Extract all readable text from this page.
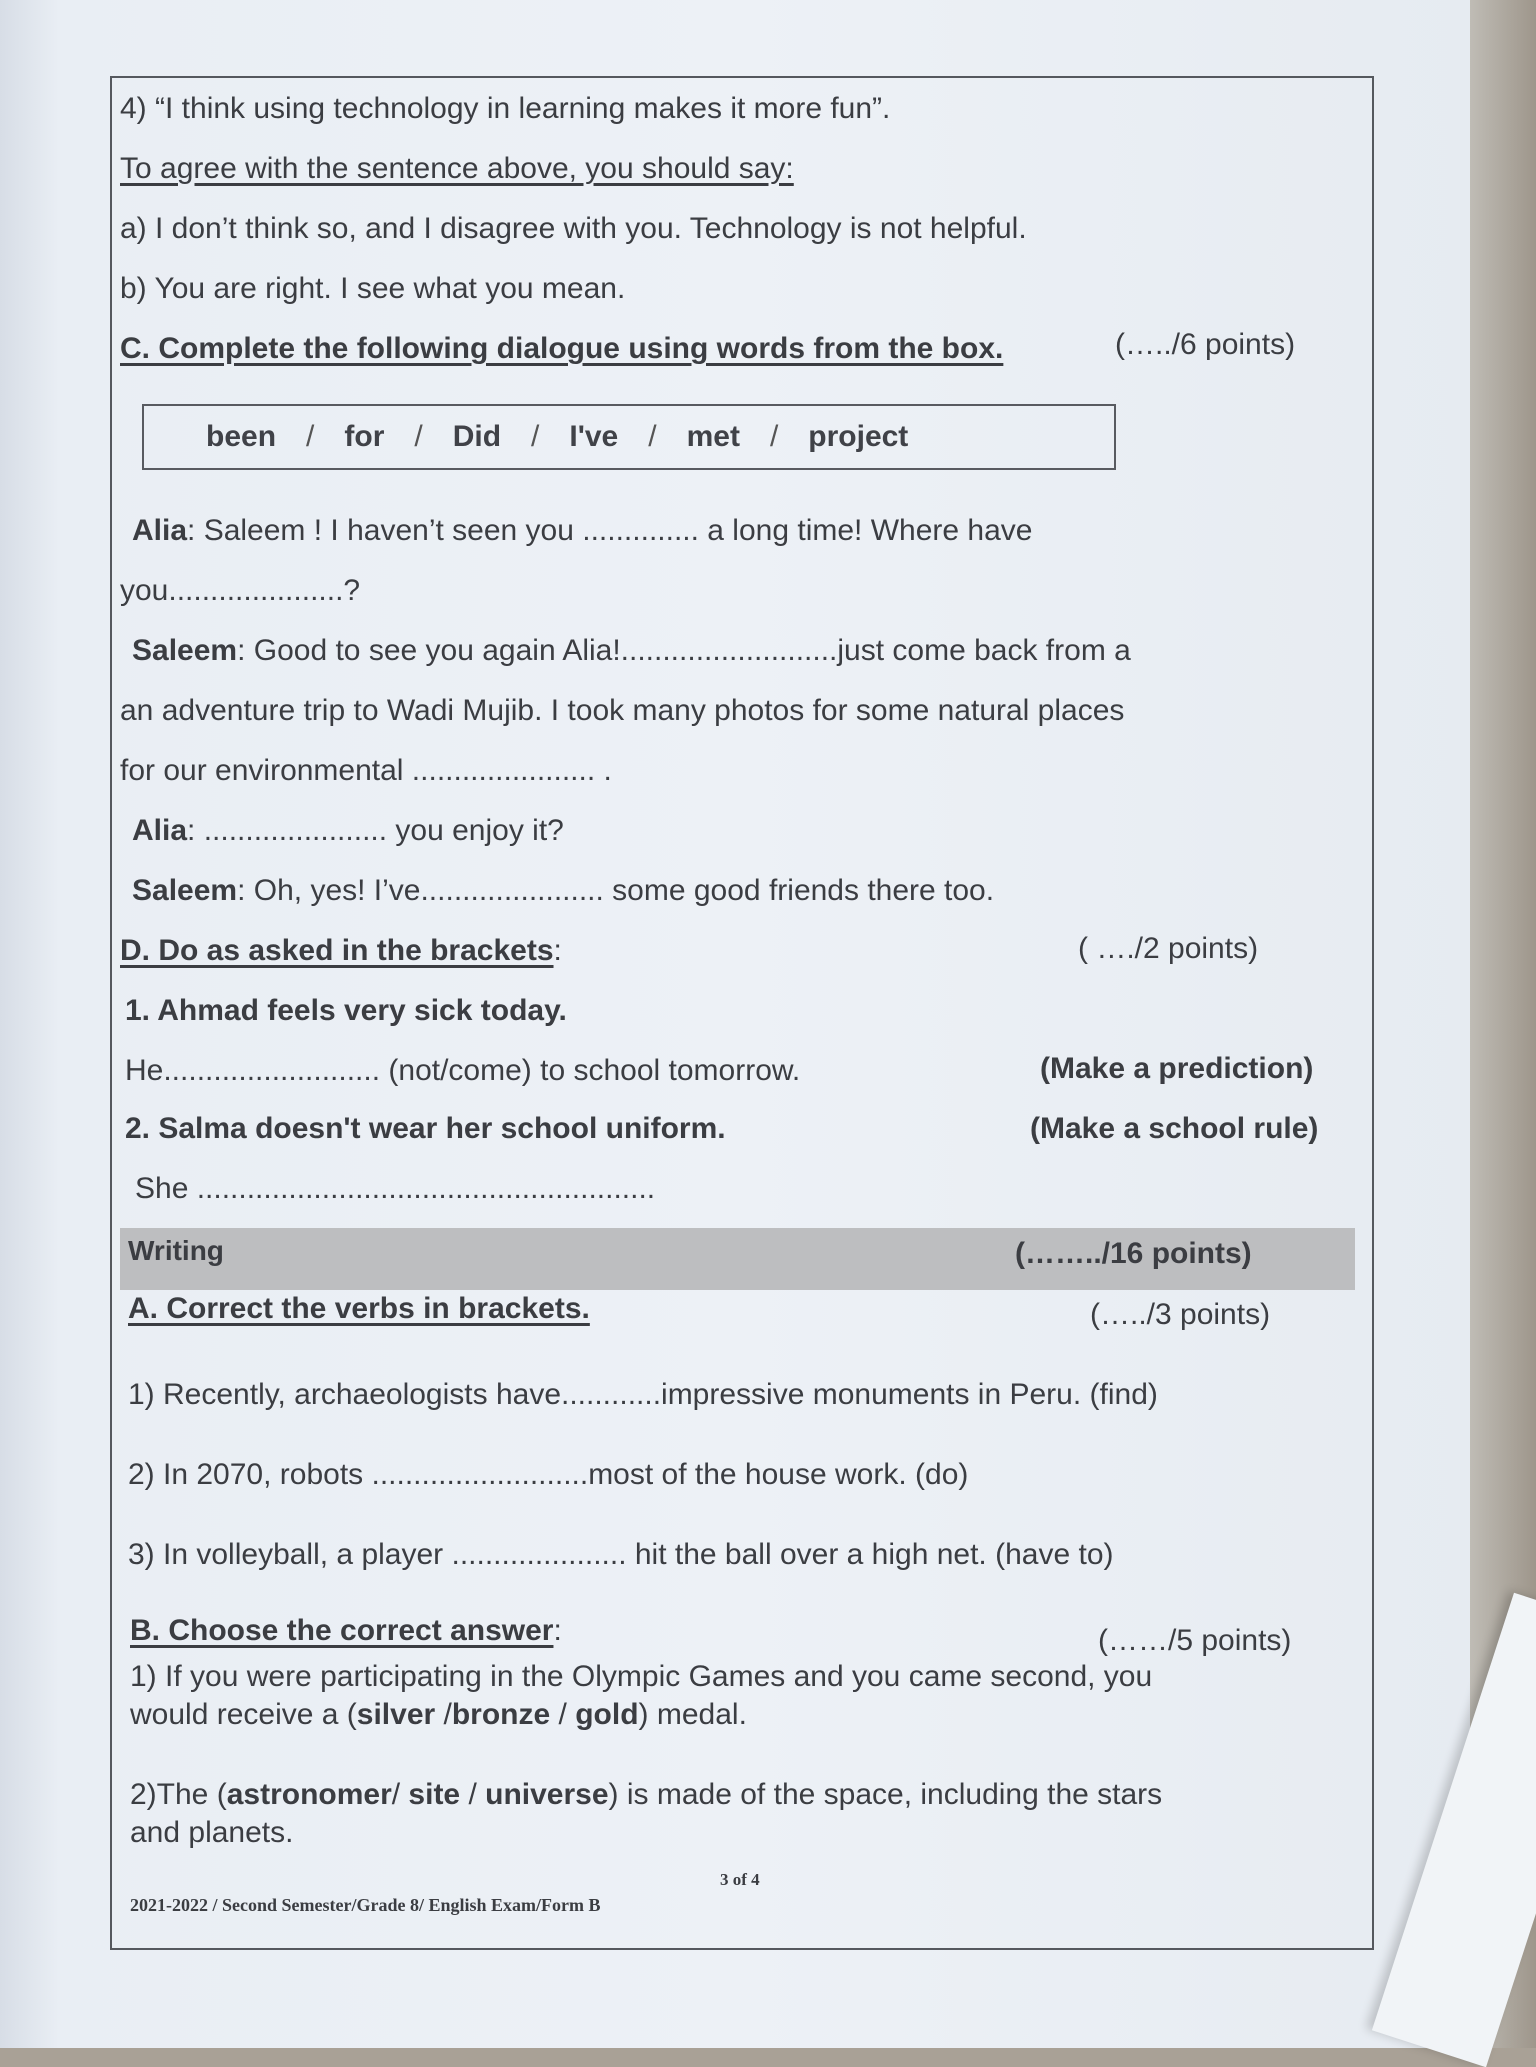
4) “I think using technology in learning makes it more fun”.
To agree with the sentence above, you should say:
a) I don’t think so, and I disagree with you. Technology is not helpful.
b) You are right. I see what you mean.
C. Complete the following dialogue using words from the box.	(…../6 points)
been / for / Did / I've / met / project
Alia: Saleem ! I haven’t seen you .............. a long time! Where have
you.....................?
Saleem: Good to see you again Alia!..........................just come back from a
an adventure trip to Wadi Mujib. I took many photos for some natural places
for our environmental ...................... .
Alia: ...................... you enjoy it?
Saleem: Oh, yes! I’ve...................... some good friends there too.
D. Do as asked in the brackets:	( …./2 points)
1. Ahmad feels very sick today.
He.......................... (not/come) to school tomorrow.	(Make a prediction)
2. Salma doesn't wear her school uniform.	(Make a school rule)
She .......................................................
Writing	(……../16 points)
A. Correct the verbs in brackets.	(…../3 points)
1) Recently, archaeologists have............impressive monuments in Peru. (find)
2) In 2070, robots ..........................most of the house work. (do)
3) In volleyball, a player ..................... hit the ball over a high net. (have to)
B. Choose the correct answer:	(……/5 points)
1) If you were participating in the Olympic Games and you came second, you
would receive a (silver /bronze / gold) medal.
2)The (astronomer/ site / universe) is made of the space, including the stars
and planets.
3 of 4
2021-2022 / Second Semester/Grade 8/ English Exam/Form B
